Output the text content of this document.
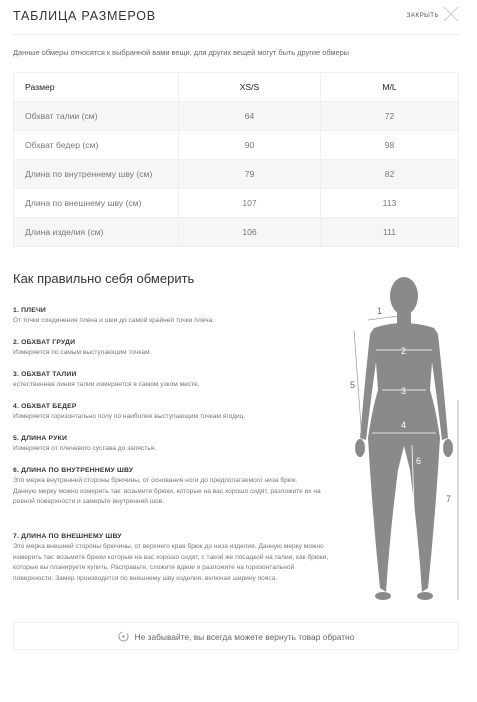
ТАБЛИЦА РАЗМЕРОВ	ЗАКРЫТЬ
Данные обмеры относятся к выбранной вами вещи, для других вещей могут быть другие обмеры
Размер	XS/S	M/L
Обхват талии (см)	64	72
Обхват бедер (см)	90	98
Длина по внутреннему шву (см)	79	82
Длина по внешнему шву (см)	107	113
Длина изделия (см)	106	111
Как правильно себя обмерить
1. ПЛЕЧИ
От точки соединения плеча и шеи до самой крайней точки плеча.
2. ОБХВАТ ГРУДИ
Измеряется по самым выступающим точкам.
3. ОБХВАТ ТАЛИИ
естественная линия талии измеряется в самом узком месте.
4. ОБХВАТ БЕДЕР
Измеряется горизонтально полу по наиболее выступающим точкам ягодиц.
5. ДЛИНА РУКИ
Измеряется от плечевого сустава до запястья.
6. ДЛИНА ПО ВНУТРЕННЕМУ ШВУ
Это мерка внутренней стороны брючины, от основания ноги до предполагаемого низа брюк. Данную мерку можно измерить так: возьмите брюки, которые на вас хорошо сидят, разложите их на ровной поверхности и замерьте внутренний шов.
7. ДЛИНА ПО ВНЕШНЕМУ ШВУ
Это мерка внешней стороны брючины, от верхнего края брюк до низа изделия. Данную мерку можно измерить так: возьмите брюки которые на вас хорошо сидят, с такой же посадкой на талии, как брюки, которые вы планируете купить. Расправьте, сложите вдвое и разложите на горизонтальной поверхности. Замер производится по внешнему шву изделия, включая ширину пояса.
1
2
3
4
5
6
7
Не забывайте, вы всегда можете вернуть товар обратно
